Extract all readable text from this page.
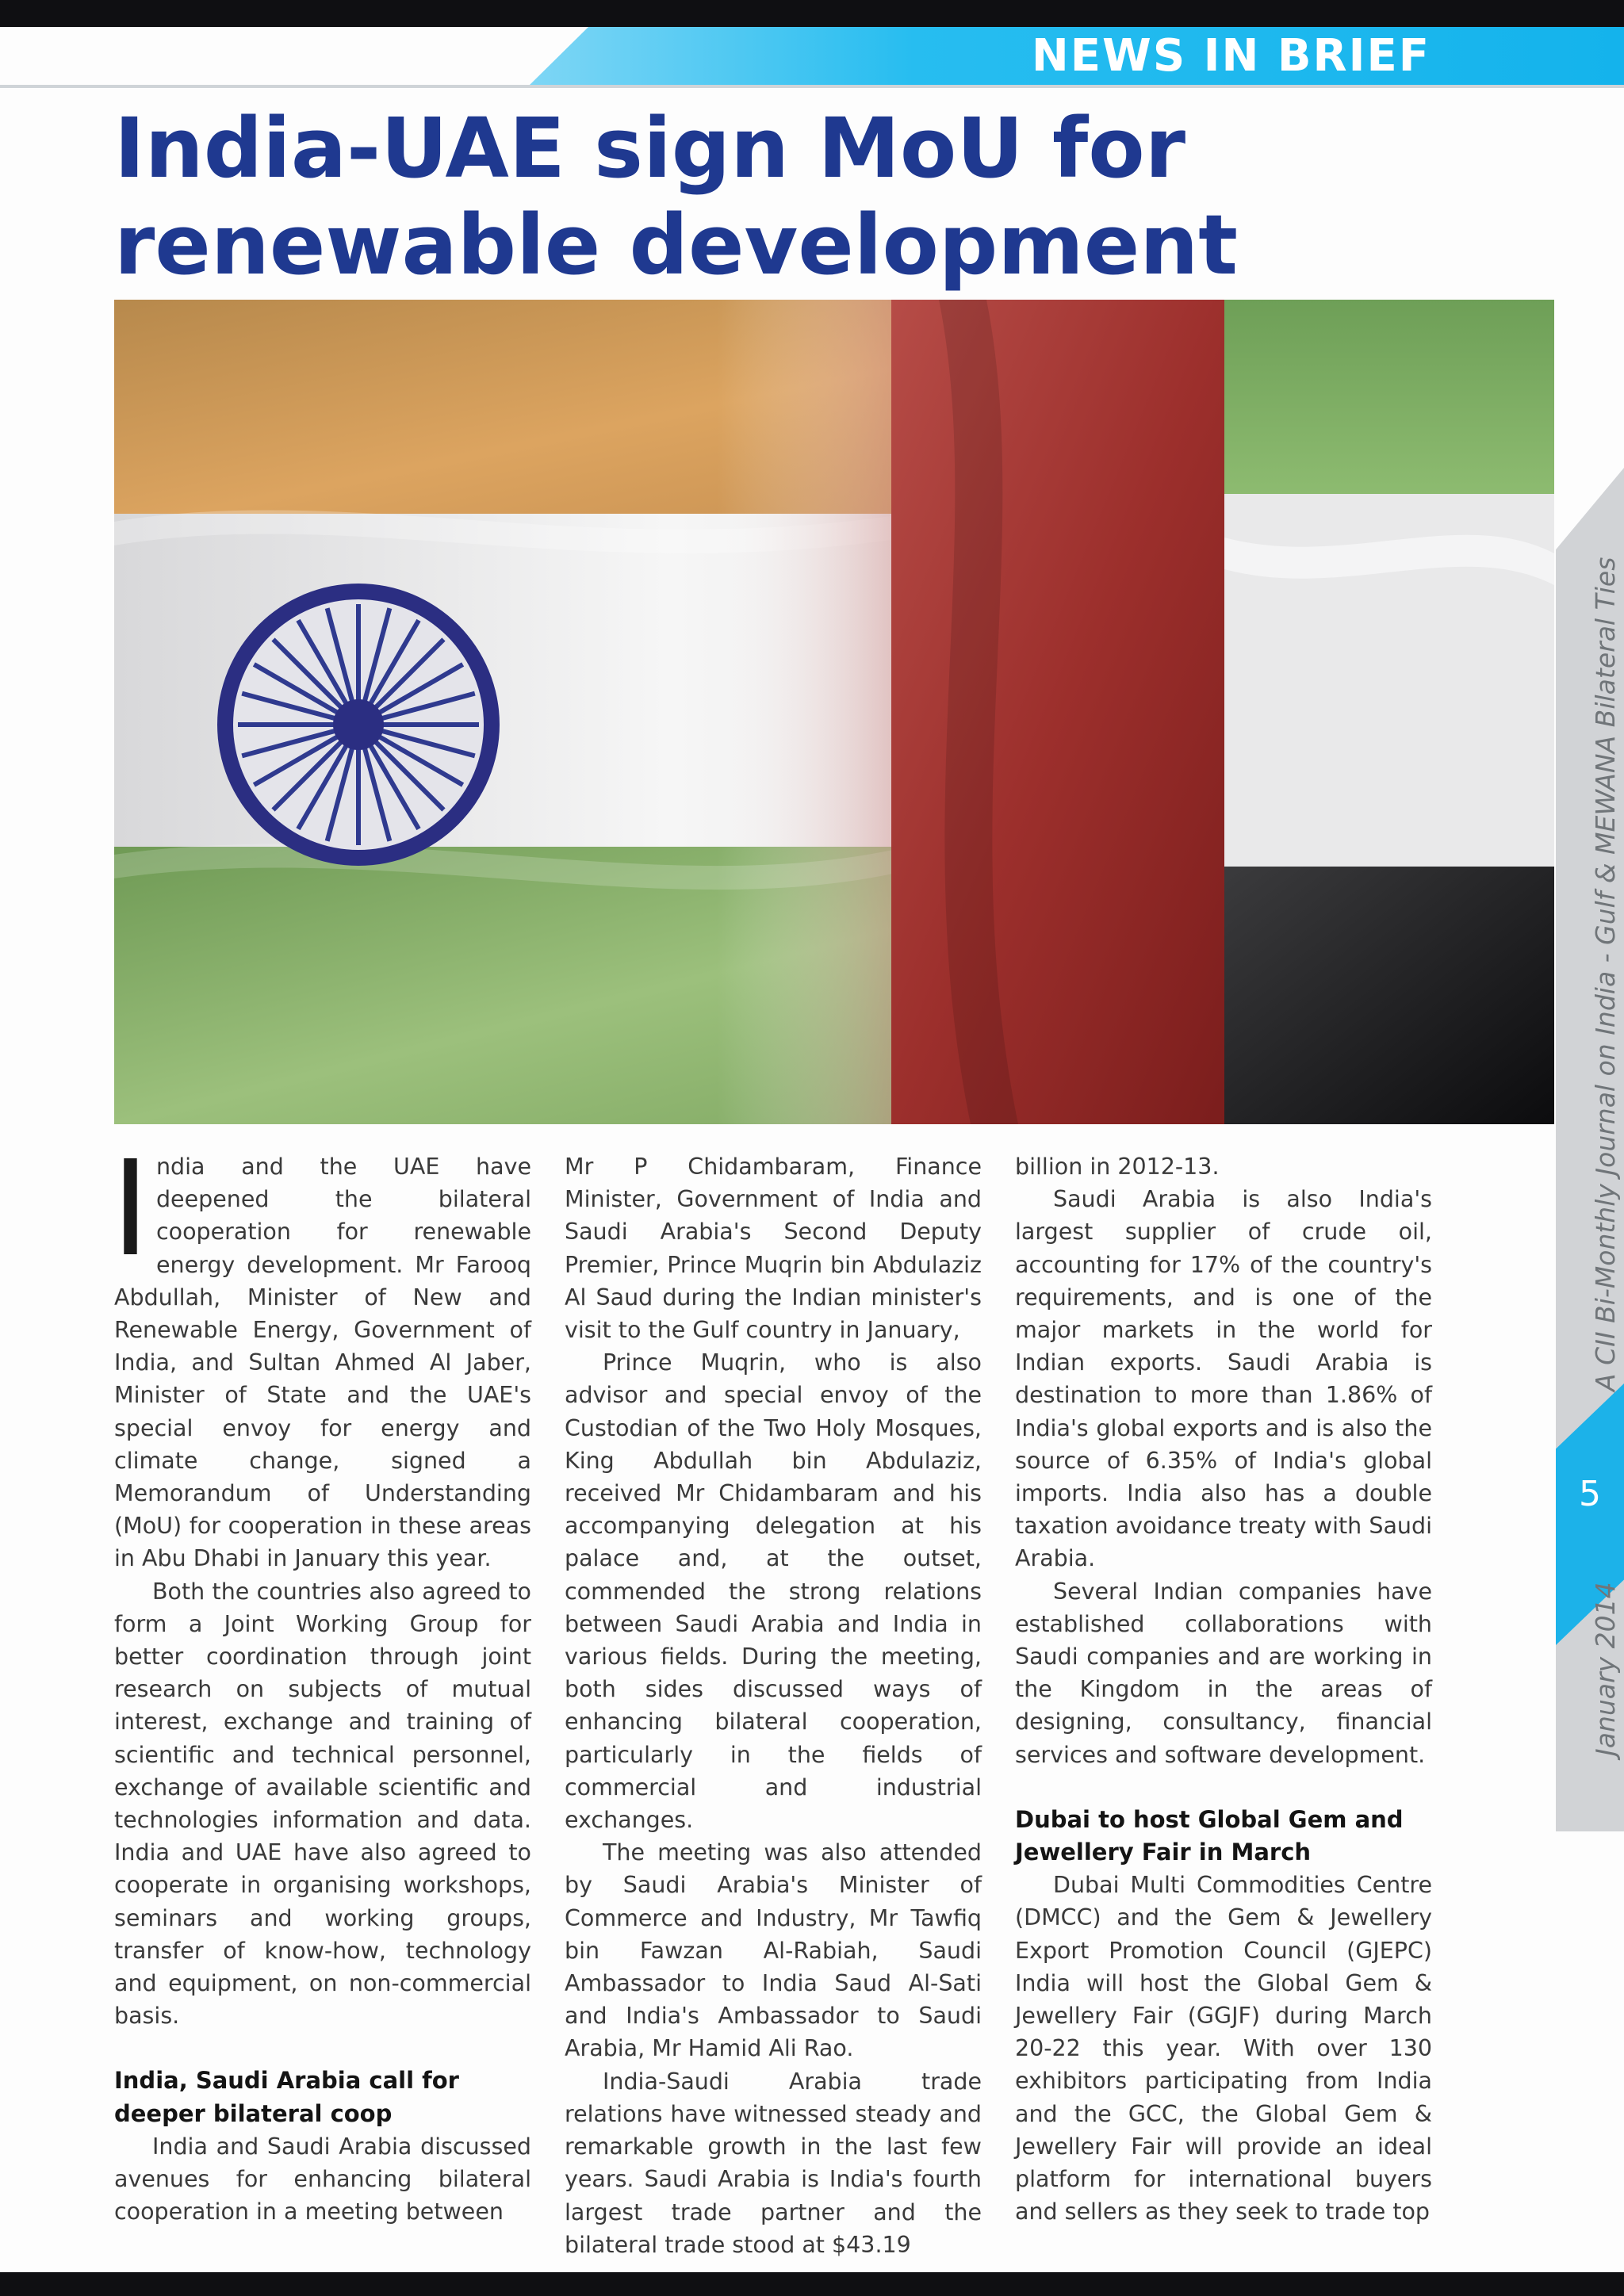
NEWS IN BRIEF
India-UAE sign MoU for
renewable development

India and the UAE have deepened the bilateral cooperation for renewable energy development. Mr Farooq Abdullah, Minister of New and Renewable Energy, Government of India, and Sultan Ahmed Al Jaber, Minister of State and the UAE's special envoy for energy and climate change, signed a Memorandum of Understanding (MoU) for cooperation in these areas in Abu Dhabi in January this year.

Both the countries also agreed to form a Joint Working Group for better coordination through joint research on subjects of mutual interest, exchange and training of scientific and technical personnel, exchange of available scientific and technologies information and data. India and UAE have also agreed to cooperate in organising workshops, seminars and working groups, transfer of know-how, technology and equipment, on non-commercial basis.

India, Saudi Arabia call for deeper bilateral coop

India and Saudi Arabia discussed avenues for enhancing bilateral cooperation in a meeting between

Mr P Chidambaram, Finance Minister, Government of India and Saudi Arabia's Second Deputy Premier, Prince Muqrin bin Abdulaziz Al Saud during the Indian minister's visit to the Gulf country in January,

Prince Muqrin, who is also advisor and special envoy of the Custodian of the Two Holy Mosques, King Abdullah bin Abdulaziz, received Mr Chidambaram and his accompanying delegation at his palace and, at the outset, commended the strong relations between Saudi Arabia and India in various fields. During the meeting, both sides discussed ways of enhancing bilateral cooperation, particularly in the fields of commercial and industrial exchanges.

The meeting was also attended by Saudi Arabia's Minister of Commerce and Industry, Mr Tawfiq bin Fawzan Al-Rabiah, Saudi Ambassador to India Saud Al-Sati and India's Ambassador to Saudi Arabia, Mr Hamid Ali Rao.

India-Saudi Arabia trade relations have witnessed steady and remarkable growth in the last few years. Saudi Arabia is India's fourth largest trade partner and the bilateral trade stood at $43.19

billion in 2012-13.

Saudi Arabia is also India's largest supplier of crude oil, accounting for 17% of the country's requirements, and is one of the major markets in the world for Indian exports. Saudi Arabia is destination to more than 1.86% of India's global exports and is also the source of 6.35% of India's global imports. India also has a double taxation avoidance treaty with Saudi Arabia.

Several Indian companies have established collaborations with Saudi companies and are working in the Kingdom in the areas of designing, consultancy, financial services and software development.

Dubai to host Global Gem and Jewellery Fair in March

Dubai Multi Commodities Centre (DMCC) and the Gem & Jewellery Export Promotion Council (GJEPC) India will host the Global Gem & Jewellery Fair (GGJF) during March 20-22 this year. With over 130 exhibitors participating from India and the GCC, the Global Gem & Jewellery Fair will provide an ideal platform for international buyers and sellers as they seek to trade top

5
A CII Bi-Monthly Journal on India - Gulf & MEWANA Bilateral Ties
January 2014
